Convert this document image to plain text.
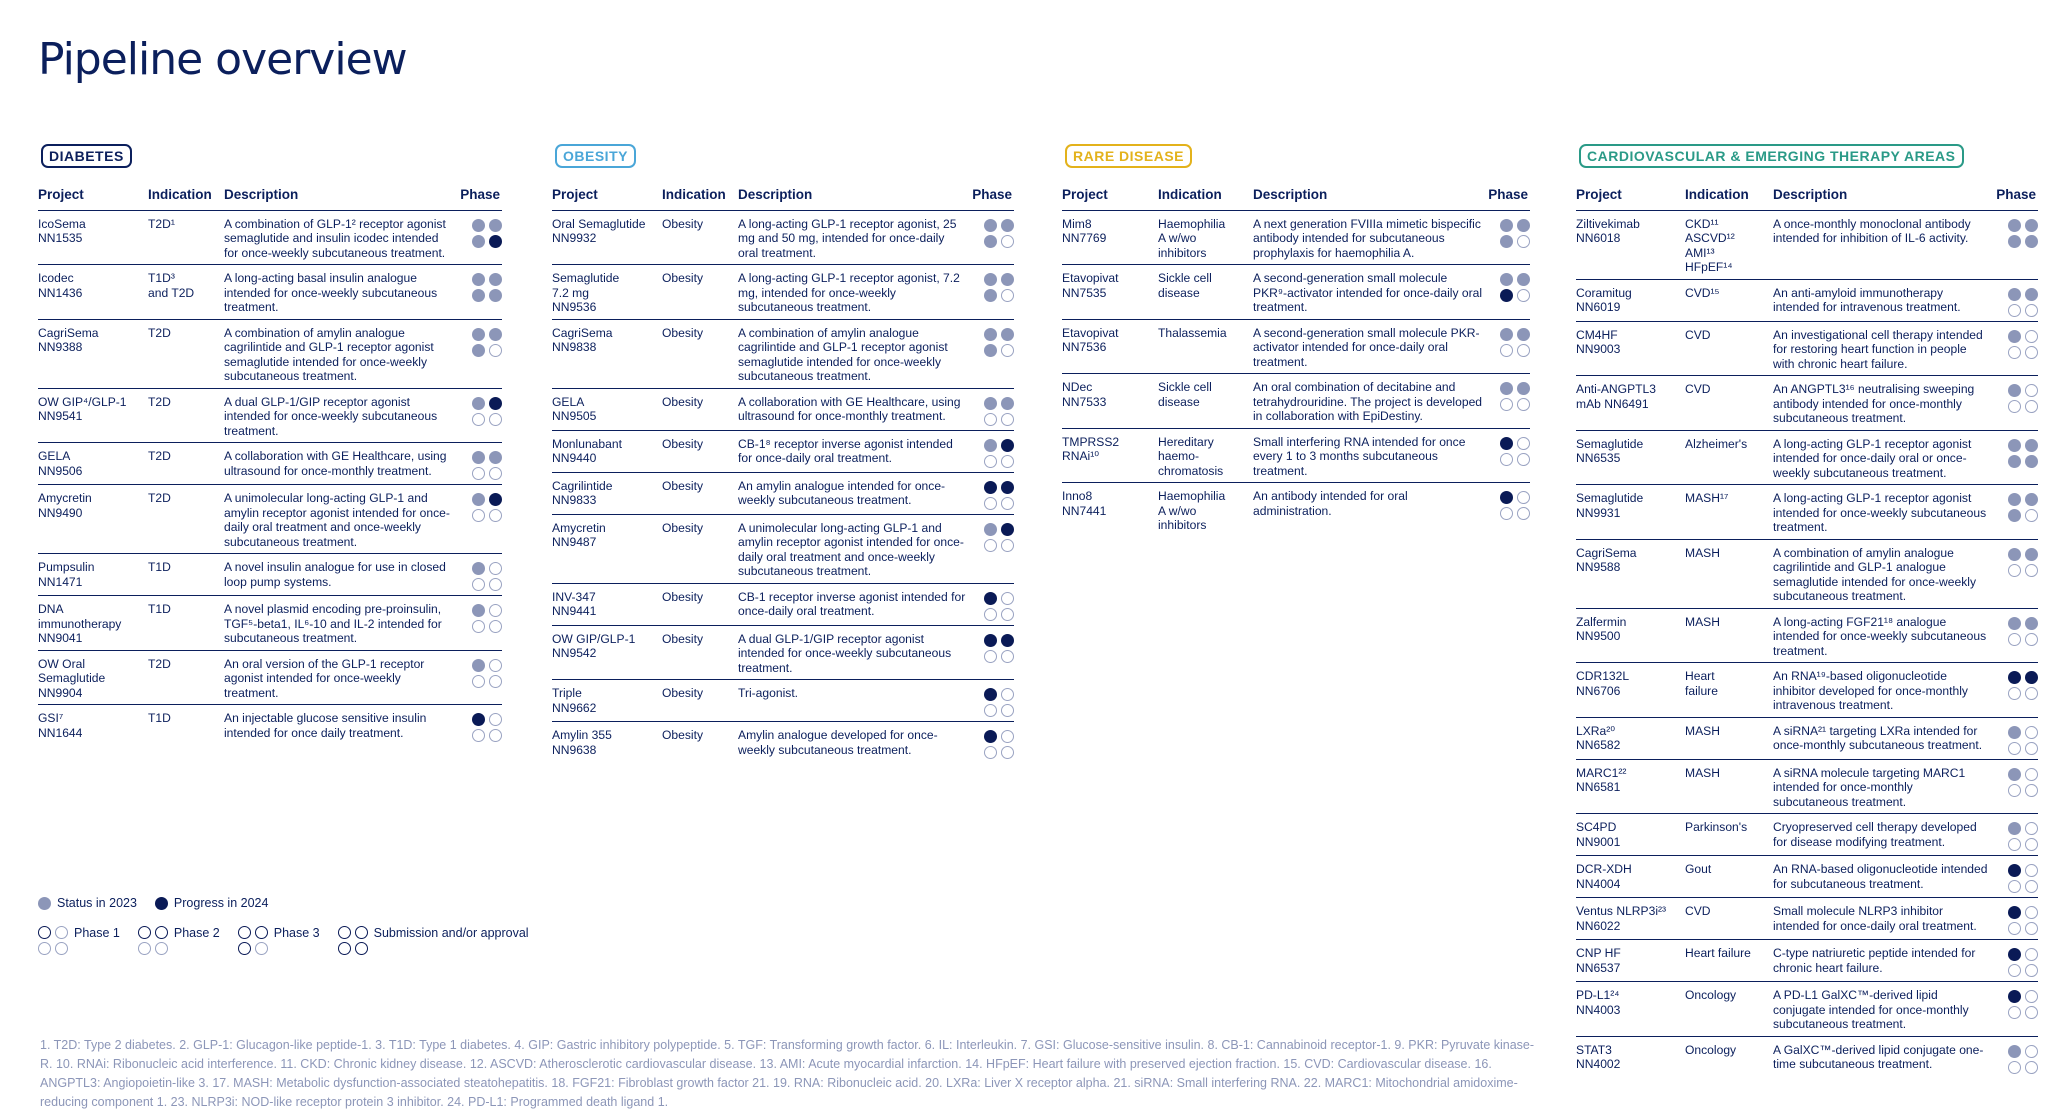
Pipeline overview
DIABETES
Project	Indication	Description	Phase
IcoSema
NN1535	T2D¹	A combination of GLP-1² receptor agonist semaglutide and insulin icodec intended for once-weekly subcutaneous treatment.	

Icodec
NN1436	T1D³
and T2D	A long-acting basal insulin analogue intended for once-weekly subcutaneous treatment.	

CagriSema
NN9388	T2D	A combination of amylin analogue cagrilintide and GLP-1 receptor agonist semaglutide intended for once-weekly subcutaneous treatment.	

OW GIP⁴/GLP-1
NN9541	T2D	A dual GLP-1/GIP receptor agonist intended for once-weekly subcutaneous treatment.	

GELA
NN9506	T2D	A collaboration with GE Healthcare, using ultrasound for once-monthly treatment.	

Amycretin
NN9490	T2D	A unimolecular long-acting GLP-1 and amylin receptor agonist intended for once-daily oral treatment and once-weekly subcutaneous treatment.	

Pumpsulin
NN1471	T1D	A novel insulin analogue for use in closed loop pump systems.	

DNA
immunotherapy
NN9041	T1D	A novel plasmid encoding pre-proinsulin, TGF⁵-beta1, IL⁶-10 and IL-2 intended for subcutaneous treatment.	

OW Oral
Semaglutide
NN9904	T2D	An oral version of the GLP-1 receptor agonist intended for once-weekly treatment.	

GSI⁷
NN1644	T1D	An injectable glucose sensitive insulin intended for once daily treatment.	
OBESITY
Project	Indication	Description	Phase
Oral Semaglutide
NN9932	Obesity	A long-acting GLP-1 receptor agonist, 25 mg and 50 mg, intended for once-daily oral treatment.	

Semaglutide
7.2 mg
NN9536	Obesity	A long-acting GLP-1 receptor agonist, 7.2 mg, intended for once-weekly subcutaneous treatment.	

CagriSema
NN9838	Obesity	A combination of amylin analogue cagrilintide and GLP-1 receptor agonist semaglutide intended for once-weekly subcutaneous treatment.	

GELA
NN9505	Obesity	A collaboration with GE Healthcare, using ultrasound for once-monthly treatment.	

Monlunabant
NN9440	Obesity	CB-1⁸ receptor inverse agonist intended for once-daily oral treatment.	

Cagrilintide
NN9833	Obesity	An amylin analogue intended for once-weekly subcutaneous treatment.	

Amycretin
NN9487	Obesity	A unimolecular long-acting GLP-1 and amylin receptor agonist intended for once-daily oral treatment and once-weekly subcutaneous treatment.	

INV-347
NN9441	Obesity	CB-1 receptor inverse agonist intended for once-daily oral treatment.	

OW GIP/GLP-1
NN9542	Obesity	A dual GLP-1/GIP receptor agonist intended for once-weekly subcutaneous treatment.	

Triple
NN9662	Obesity	Tri-agonist.	

Amylin 355
NN9638	Obesity	Amylin analogue developed for once-weekly subcutaneous treatment.	
RARE DISEASE
Project	Indication	Description	Phase
Mim8
NN7769	Haemophilia
A w/wo
inhibitors	A next generation FVIIIa mimetic bispecific antibody intended for subcutaneous prophylaxis for haemophilia A.	

Etavopivat
NN7535	Sickle cell
disease	A second-generation small molecule PKR⁹-activator intended for once-daily oral treatment.	

Etavopivat
NN7536	Thalassemia	A second-generation small molecule PKR-activator intended for once-daily oral treatment.	

NDec
NN7533	Sickle cell
disease	An oral combination of decitabine and tetrahydrouridine. The project is developed in collaboration with EpiDestiny.	

TMPRSS2
RNAi¹⁰	Hereditary
haemo-
chromatosis	Small interfering RNA intended for once every 1 to 3 months subcutaneous treatment.	

Inno8
NN7441	Haemophilia
A w/wo
inhibitors	An antibody intended for oral administration.	
CARDIOVASCULAR & EMERGING THERAPY AREAS
Project	Indication	Description	Phase
Ziltivekimab
NN6018	CKD¹¹
ASCVD¹²
AMI¹³
HFpEF¹⁴	A once-monthly monoclonal antibody intended for inhibition of IL-6 activity.	

Coramitug
NN6019	CVD¹⁵	An anti-amyloid immunotherapy intended for intravenous treatment.	

CM4HF
NN9003	CVD	An investigational cell therapy intended for restoring heart function in people with chronic heart failure.	

Anti-ANGPTL3
mAb NN6491	CVD	An ANGPTL3¹⁶ neutralising sweeping antibody intended for once-monthly subcutaneous treatment.	

Semaglutide
NN6535	Alzheimer's	A long-acting GLP-1 receptor agonist intended for once-daily oral or once-weekly subcutaneous treatment.	

Semaglutide
NN9931	MASH¹⁷	A long-acting GLP-1 receptor agonist intended for once-weekly subcutaneous treatment.	

CagriSema
NN9588	MASH	A combination of amylin analogue cagrilintide and GLP-1 analogue semaglutide intended for once-weekly subcutaneous treatment.	

Zalfermin
NN9500	MASH	A long-acting FGF21¹⁸ analogue intended for once-weekly subcutaneous treatment.	

CDR132L
NN6706	Heart
failure	An RNA¹⁹-based oligonucleotide inhibitor developed for once-monthly intravenous treatment.	

LXRa²⁰
NN6582	MASH	A siRNA²¹ targeting LXRa intended for once-monthly subcutaneous treatment.	

MARC1²²
NN6581	MASH	A siRNA molecule targeting MARC1 intended for once-monthly subcutaneous treatment.	

SC4PD
NN9001	Parkinson's	Cryopreserved cell therapy developed for disease modifying treatment.	

DCR-XDH
NN4004	Gout	An RNA-based oligonucleotide intended for subcutaneous treatment.	

Ventus NLRP3i²³
NN6022	CVD	Small molecule NLRP3 inhibitor intended for once-daily oral treatment.	

CNP HF
NN6537	Heart failure	C-type natriuretic peptide intended for chronic heart failure.	

PD-L1²⁴
NN4003	Oncology	A PD-L1 GalXC™-derived lipid conjugate intended for once-monthly subcutaneous treatment.	

STAT3
NN4002	Oncology	A GalXC™-derived lipid conjugate one-time subcutaneous treatment.	
Status in 2023	Progress in 2024
Phase 1	Phase 2	Phase 3	Submission and/or approval

1. T2D: Type 2 diabetes. 2. GLP-1: Glucagon-like peptide-1. 3. T1D: Type 1 diabetes. 4. GIP: Gastric inhibitory polypeptide. 5. TGF: Transforming growth factor. 6. IL: Interleukin. 7. GSI: Glucose-sensitive insulin. 8. CB-1: Cannabinoid receptor-1. 9. PKR: Pyruvate kinase-R. 10. RNAi: Ribonucleic acid interference. 11. CKD: Chronic kidney disease. 12. ASCVD: Atherosclerotic cardiovascular disease. 13. AMI: Acute myocardial infarction. 14. HFpEF: Heart failure with preserved ejection fraction. 15. CVD: Cardiovascular disease. 16. ANGPTL3: Angiopoietin-like 3. 17. MASH: Metabolic dysfunction-associated steatohepatitis. 18. FGF21: Fibroblast growth factor 21. 19. RNA: Ribonucleic acid. 20. LXRa: Liver X receptor alpha. 21. siRNA: Small interfering RNA. 22. MARC1: Mitochondrial amidoxime-reducing component 1. 23. NLRP3i: NOD-like receptor protein 3 inhibitor. 24. PD-L1: Programmed death ligand 1.
